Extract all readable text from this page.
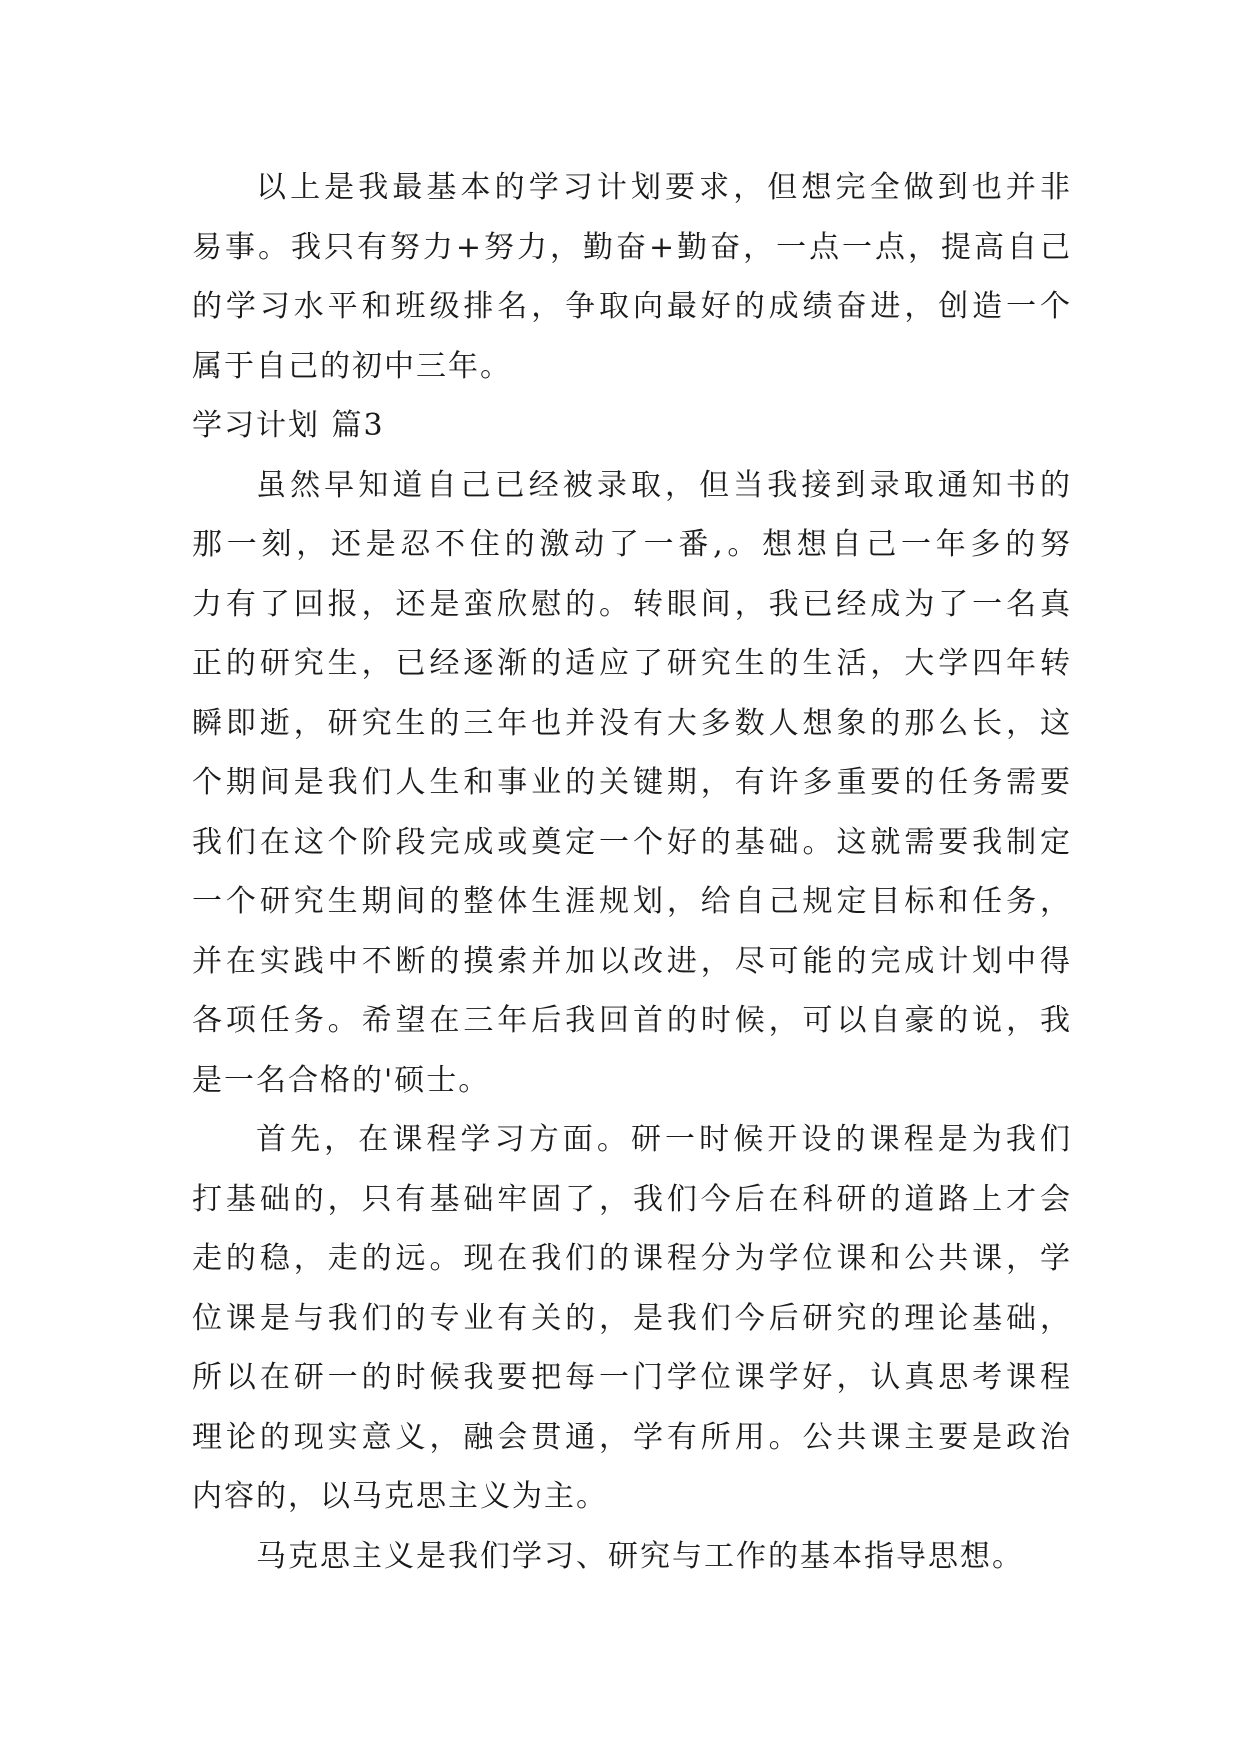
以上是我最基本的学习计划要求，但想完全做到也并非
易事。我只有努力+努力，勤奋+勤奋，一点一点，提高自己
的学习水平和班级排名，争取向最好的成绩奋进，创造一个
属于自己的初中三年。
学习计划 篇3
虽然早知道自己已经被录取，但当我接到录取通知书的
那一刻，还是忍不住的激动了一番,。想想自己一年多的努
力有了回报，还是蛮欣慰的。转眼间，我已经成为了一名真
正的研究生，已经逐渐的适应了研究生的生活，大学四年转
瞬即逝，研究生的三年也并没有大多数人想象的那么长，这
个期间是我们人生和事业的关键期，有许多重要的任务需要
我们在这个阶段完成或奠定一个好的基础。这就需要我制定
一个研究生期间的整体生涯规划，给自己规定目标和任务，
并在实践中不断的摸索并加以改进，尽可能的完成计划中得
各项任务。希望在三年后我回首的时候，可以自豪的说，我
是一名合格的'硕士。
首先，在课程学习方面。研一时候开设的课程是为我们
打基础的，只有基础牢固了，我们今后在科研的道路上才会
走的稳，走的远。现在我们的课程分为学位课和公共课，学
位课是与我们的专业有关的，是我们今后研究的理论基础，
所以在研一的时候我要把每一门学位课学好，认真思考课程
理论的现实意义，融会贯通，学有所用。公共课主要是政治
内容的，以马克思主义为主。
马克思主义是我们学习、研究与工作的基本指导思想。
